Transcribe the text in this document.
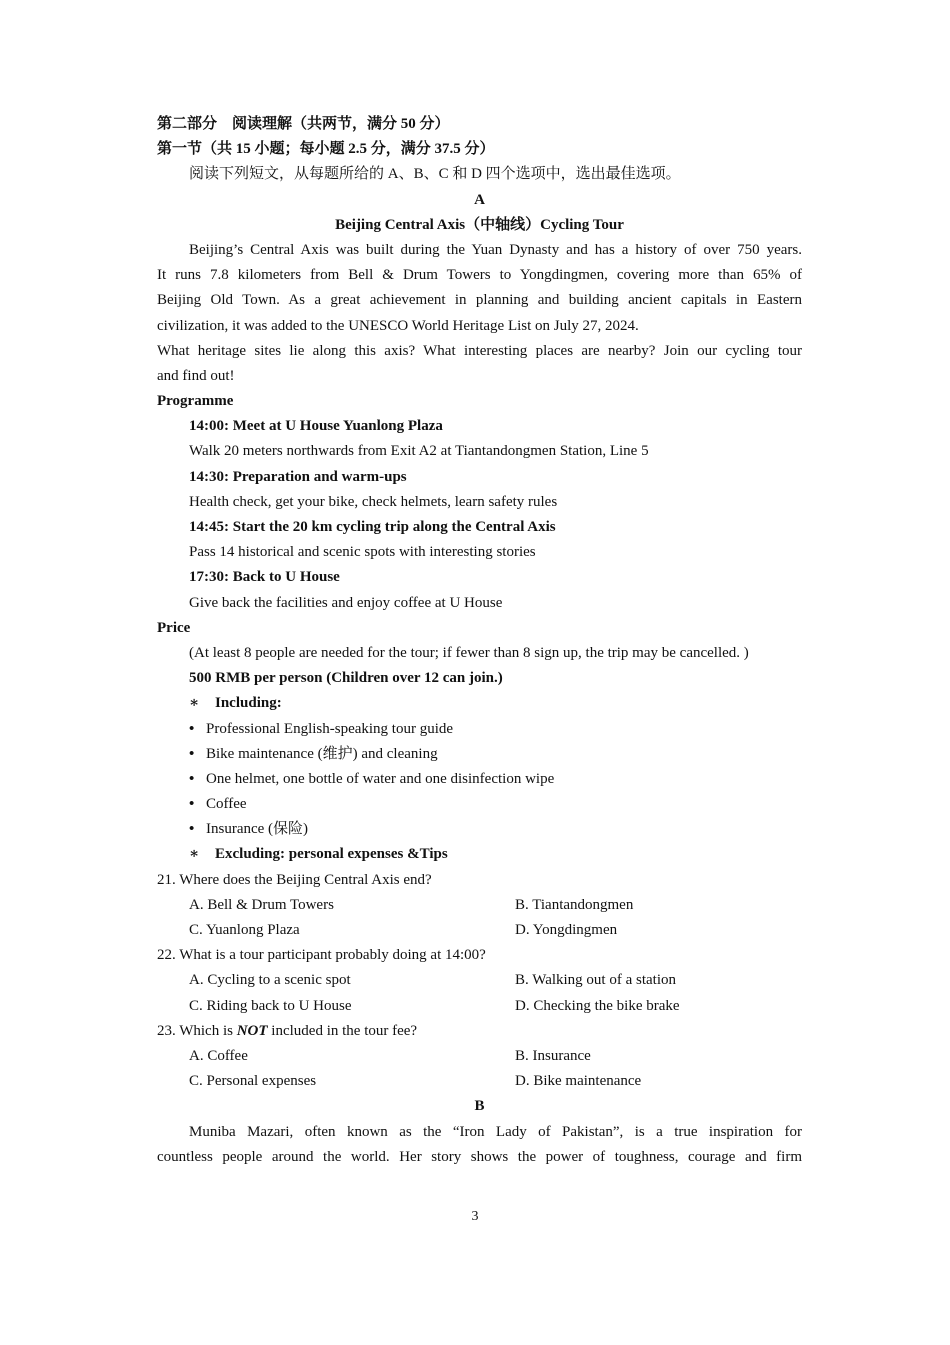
第二部分　阅读理解（共两节，满分 50 分）
第一节（共 15 小题；每小题 2.5 分，满分 37.5 分）
阅读下列短文，从每题所给的 A、B、C 和 D 四个选项中，选出最佳选项。
A
Beijing Central Axis（中轴线）Cycling Tour
Beijing’s Central Axis was built during the Yuan Dynasty and has a history of over 750 years.
It runs 7.8 kilometers from Bell & Drum Towers to Yongdingmen, covering more than 65% of
Beijing Old Town. As a great achievement in planning and building ancient capitals in Eastern
civilization, it was added to the UNESCO World Heritage List on July 27, 2024.
What heritage sites lie along this axis? What interesting places are nearby? Join our cycling tour
and find out!
Programme
14:00: Meet at U House Yuanlong Plaza
Walk 20 meters northwards from Exit A2 at Tiantandongmen Station, Line 5
14:30: Preparation and warm-ups
Health check, get your bike, check helmets, learn safety rules
14:45: Start the 20 km cycling trip along the Central Axis
Pass 14 historical and scenic spots with interesting stories
17:30: Back to U House
Give back the facilities and enjoy coffee at U House
Price
(At least 8 people are needed for the tour; if fewer than 8 sign up, the trip may be cancelled. )
500 RMB per person (Children over 12 can join.)
∗ Including:
• Professional English-speaking tour guide
• Bike maintenance (维护) and cleaning
• One helmet, one bottle of water and one disinfection wipe
• Coffee
• Insurance (保险)
∗ Excluding: personal expenses &Tips
21. Where does the Beijing Central Axis end?
A. Bell & Drum Towers	B. Tiantandongmen
C. Yuanlong Plaza	D. Yongdingmen
22. What is a tour participant probably doing at 14:00?
A. Cycling to a scenic spot	B. Walking out of a station
C. Riding back to U House	D. Checking the bike brake
23. Which is NOT included in the tour fee?
A. Coffee	B. Insurance
C. Personal expenses	D. Bike maintenance
B
Muniba Mazari, often known as the “Iron Lady of Pakistan”, is a true inspiration for
countless people around the world. Her story shows the power of toughness, courage and firm
3
